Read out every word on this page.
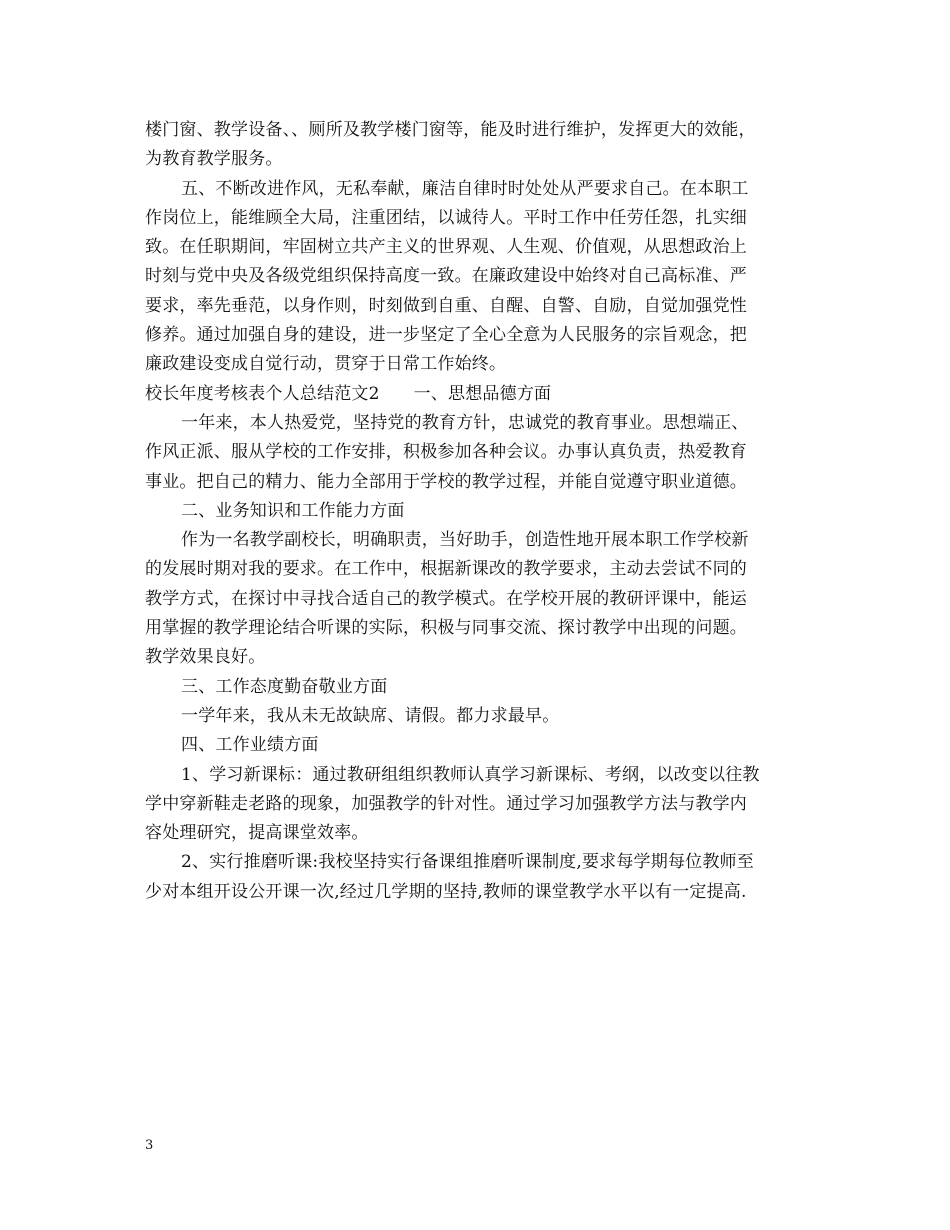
楼门窗、教学设备、、厕所及教学楼门窗等，能及时进行维护，发挥更大的效能，
为教育教学服务。
五、不断改进作风，无私奉献，廉洁自律时时处处从严要求自己。在本职工
作岗位上，能维顾全大局，注重团结，以诚待人。平时工作中任劳任怨，扎实细
致。在任职期间，牢固树立共产主义的世界观、人生观、价值观，从思想政治上
时刻与党中央及各级党组织保持高度一致。在廉政建设中始终对自己高标准、严
要求，率先垂范，以身作则，时刻做到自重、自醒、自警、自励，自觉加强党性
修养。通过加强自身的建设，进一步坚定了全心全意为人民服务的宗旨观念，把
廉政建设变成自觉行动，贯穿于日常工作始终。
校长年度考核表个人总结范文2 一、思想品德方面
一年来，本人热爱党，坚持党的教育方针，忠诚党的教育事业。思想端正、
作风正派、服从学校的工作安排，积极参加各种会议。办事认真负责，热爱教育
事业。把自己的精力、能力全部用于学校的教学过程，并能自觉遵守职业道德。
二、业务知识和工作能力方面
作为一名教学副校长，明确职责，当好助手，创造性地开展本职工作学校新
的发展时期对我的要求。在工作中，根据新课改的教学要求，主动去尝试不同的
教学方式，在探讨中寻找合适自己的教学模式。在学校开展的教研评课中，能运
用掌握的教学理论结合听课的实际，积极与同事交流、探讨教学中出现的问题。
教学效果良好。
三、工作态度勤奋敬业方面
一学年来，我从未无故缺席、请假。都力求最早。
四、工作业绩方面
1、学习新课标：通过教研组组织教师认真学习新课标、考纲，以改变以往教
学中穿新鞋走老路的现象，加强教学的针对性。通过学习加强教学方法与教学内
容处理研究，提高课堂效率。
2、实行推磨听课:我校坚持实行备课组推磨听课制度,要求每学期每位教师至
少对本组开设公开课一次,经过几学期的坚持,教师的课堂教学水平以有一定提高.
3
